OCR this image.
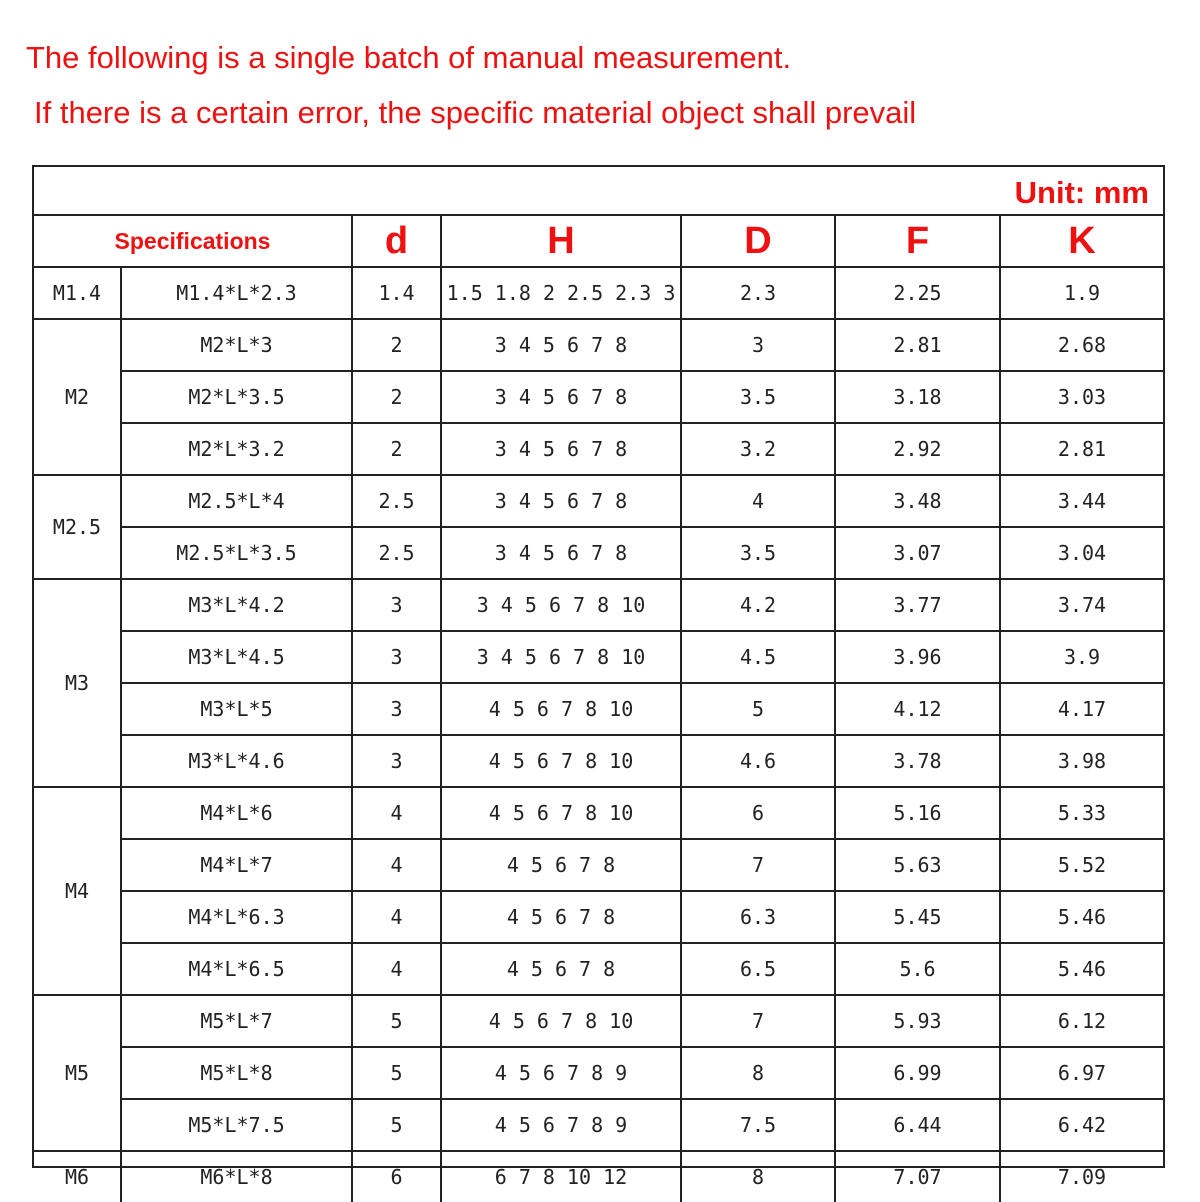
The following is a single batch of manual measurement.
If there is a certain error, the specific material object shall prevail
Unit: mm
Specifications		d	H	D	F	K
M1.4	M1.4*L*2.3	1.4	1.5 1.8 2 2.5 2.3 3	2.3	2.25	1.9
M2	M2*L*3	2	3 4 5 6 7 8	3	2.81	2.68
	M2*L*3.5	2	3 4 5 6 7 8	3.5	3.18	3.03
	M2*L*3.2	2	3 4 5 6 7 8	3.2	2.92	2.81
M2.5	M2.5*L*4	2.5	3 4 5 6 7 8	4	3.48	3.44
	M2.5*L*3.5	2.5	3 4 5 6 7 8	3.5	3.07	3.04
M3	M3*L*4.2	3	3 4 5 6 7 8 10	4.2	3.77	3.74
	M3*L*4.5	3	3 4 5 6 7 8 10	4.5	3.96	3.9
	M3*L*5	3	4 5 6 7 8 10	5	4.12	4.17
	M3*L*4.6	3	4 5 6 7 8 10	4.6	3.78	3.98
M4	M4*L*6	4	4 5 6 7 8 10	6	5.16	5.33
	M4*L*7	4	4 5 6 7 8	7	5.63	5.52
	M4*L*6.3	4	4 5 6 7 8	6.3	5.45	5.46
	M4*L*6.5	4	4 5 6 7 8	6.5	5.6	5.46
M5	M5*L*7	5	4 5 6 7 8 10	7	5.93	6.12
	M5*L*8	5	4 5 6 7 8 9	8	6.99	6.97
	M5*L*7.5	5	4 5 6 7 8 9	7.5	6.44	6.42
M6	M6*L*8	6	6 7 8 10 12	8	7.07	7.09
